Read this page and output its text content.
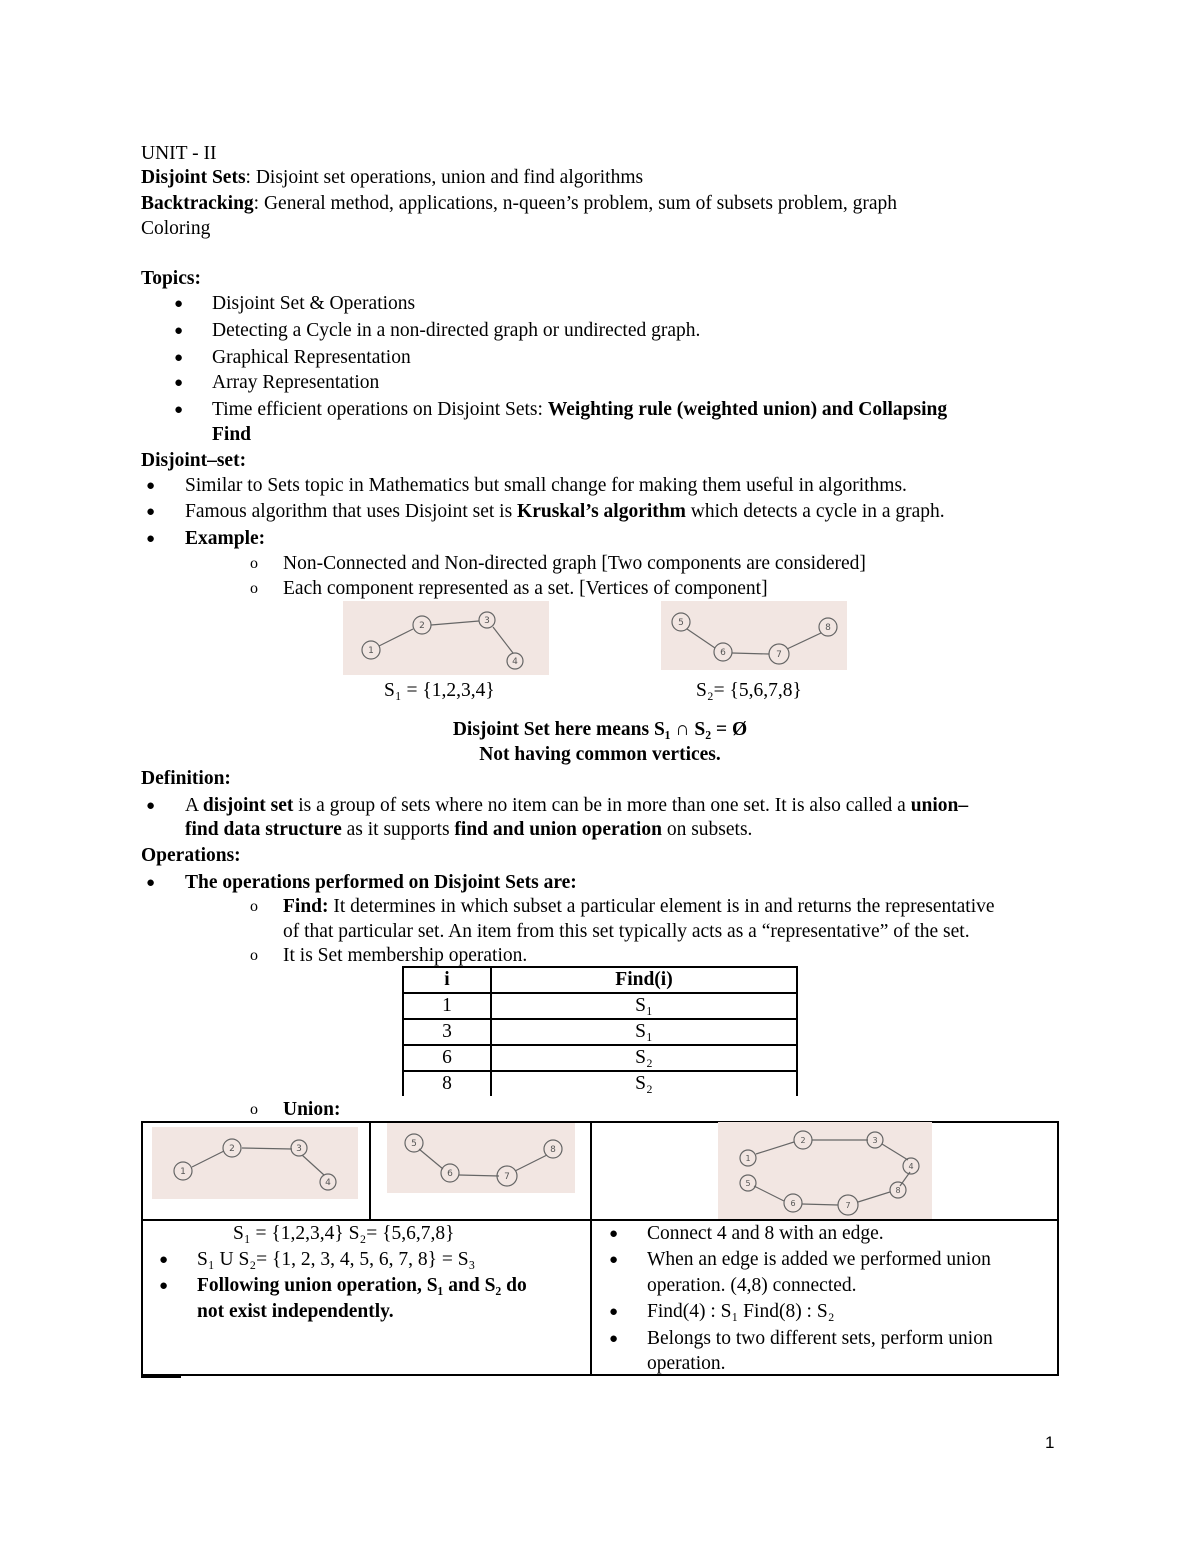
UNIT - II
Disjoint Sets: Disjoint set operations, union and find algorithms
Backtracking: General method, applications, n-queen’s problem, sum of subsets problem, graph
Coloring
Topics:
● Disjoint Set & Operations
● Detecting a Cycle in a non-directed graph or undirected graph.
● Graphical Representation
● Array Representation
● Time efficient operations on Disjoint Sets: Weighting rule (weighted union) and Collapsing
Find
Disjoint–set:
● Similar to Sets topic in Mathematics but small change for making them useful in algorithms.
● Famous algorithm that uses Disjoint set is Kruskal’s algorithm which detects a cycle in a graph.
● Example:
o Non-Connected and Non-directed graph [Two components are considered]
o Each component represented as a set. [Vertices of component]
1
2	3
4
5
6	7
8
S₁ = {1,2,3,4}	S₂= {5,6,7,8}
Disjoint Set here means S₁ ∩ S₂ = Ø
Not having common vertices.
Definition:
● A disjoint set is a group of sets where no item can be in more than one set. It is also called a union–
find data structure as it supports find and union operation on subsets.
Operations:
● The operations performed on Disjoint Sets are:
o Find: It determines in which subset a particular element is in and returns the representative
of that particular set. An item from this set typically acts as a “representative” of the set.
o It is Set membership operation.
i	Find(i)
1	S₁
3	S₁
6	S₂
8	S₂
o Union:
1
2	3
4
5
6	7
8
1
2	3
4
5
6	7
8
S₁ = {1,2,3,4} S₂= {5,6,7,8}
● S₁ U S₂= {1, 2, 3, 4, 5, 6, 7, 8} = S₃
● Following union operation, S₁ and S₂ do
not exist independently.
● Connect 4 and 8 with an edge.
● When an edge is added we performed union
operation. (4,8) connected.
● Find(4) : S₁ Find(8) : S₂
● Belongs to two different sets, perform union
operation.
1
